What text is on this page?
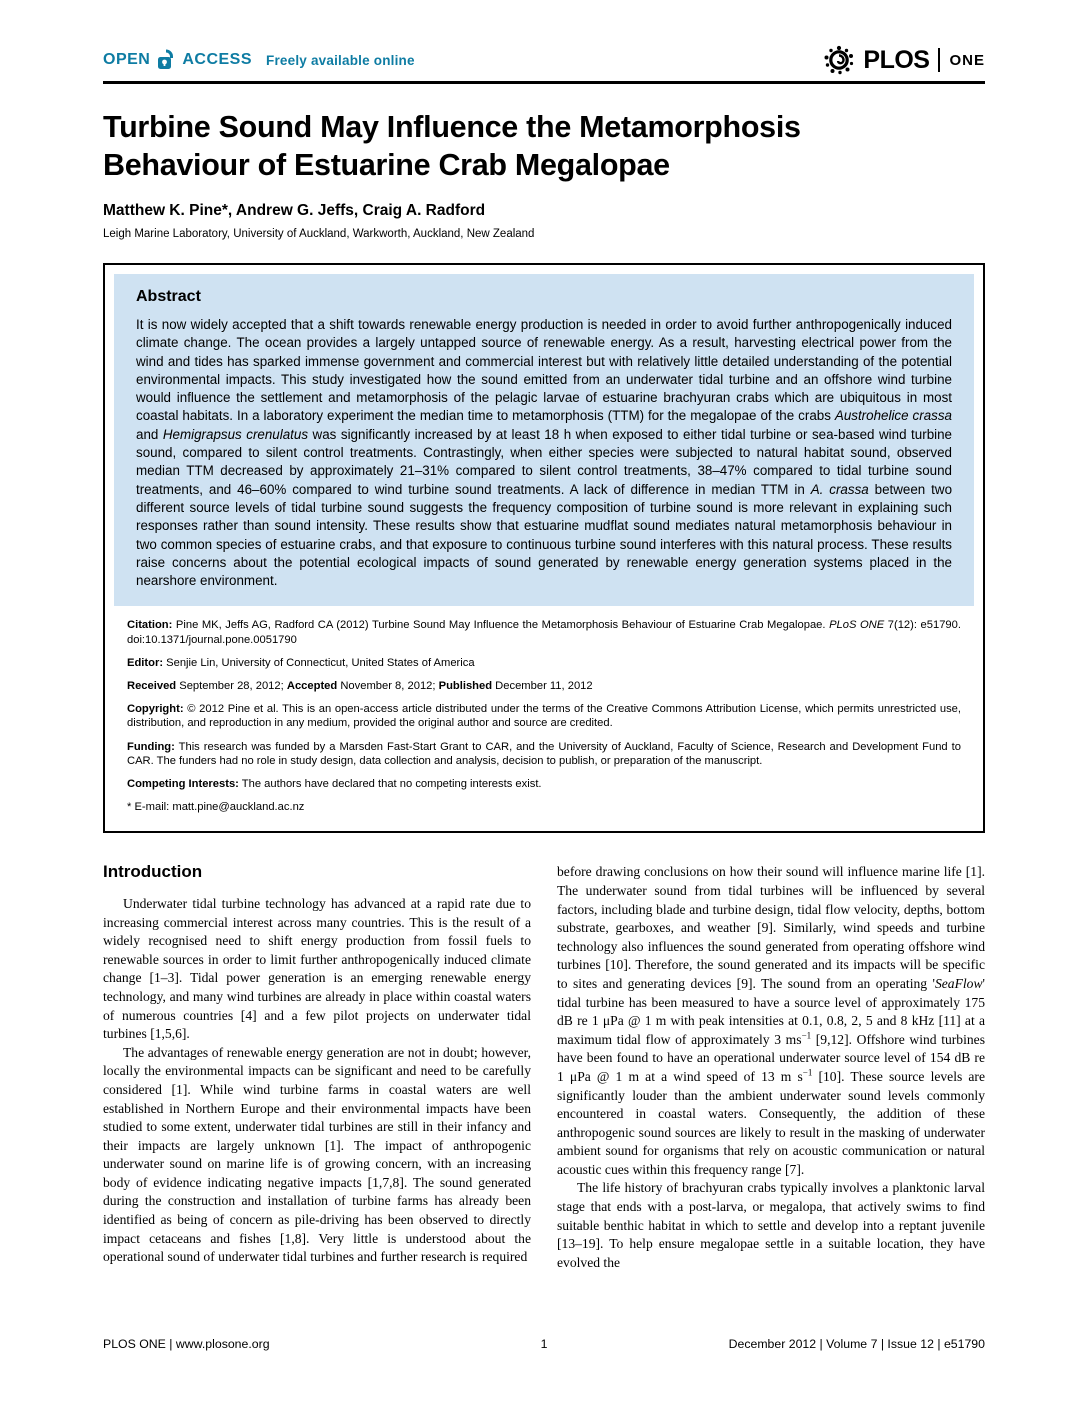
OPEN ACCESS Freely available online	PLOS ONE
Turbine Sound May Influence the Metamorphosis Behaviour of Estuarine Crab Megalopae
Matthew K. Pine*, Andrew G. Jeffs, Craig A. Radford
Leigh Marine Laboratory, University of Auckland, Warkworth, Auckland, New Zealand
Abstract

It is now widely accepted that a shift towards renewable energy production is needed in order to avoid further anthropogenically induced climate change. The ocean provides a largely untapped source of renewable energy. As a result, harvesting electrical power from the wind and tides has sparked immense government and commercial interest but with relatively little detailed understanding of the potential environmental impacts. This study investigated how the sound emitted from an underwater tidal turbine and an offshore wind turbine would influence the settlement and metamorphosis of the pelagic larvae of estuarine brachyuran crabs which are ubiquitous in most coastal habitats. In a laboratory experiment the median time to metamorphosis (TTM) for the megalopae of the crabs Austrohelice crassa and Hemigrapsus crenulatus was significantly increased by at least 18 h when exposed to either tidal turbine or sea-based wind turbine sound, compared to silent control treatments. Contrastingly, when either species were subjected to natural habitat sound, observed median TTM decreased by approximately 21–31% compared to silent control treatments, 38–47% compared to tidal turbine sound treatments, and 46–60% compared to wind turbine sound treatments. A lack of difference in median TTM in A. crassa between two different source levels of tidal turbine sound suggests the frequency composition of turbine sound is more relevant in explaining such responses rather than sound intensity. These results show that estuarine mudflat sound mediates natural metamorphosis behaviour in two common species of estuarine crabs, and that exposure to continuous turbine sound interferes with this natural process. These results raise concerns about the potential ecological impacts of sound generated by renewable energy generation systems placed in the nearshore environment.

Citation: Pine MK, Jeffs AG, Radford CA (2012) Turbine Sound May Influence the Metamorphosis Behaviour of Estuarine Crab Megalopae. PLoS ONE 7(12): e51790. doi:10.1371/journal.pone.0051790

Editor: Senjie Lin, University of Connecticut, United States of America

Received September 28, 2012; Accepted November 8, 2012; Published December 11, 2012

Copyright: © 2012 Pine et al. This is an open-access article distributed under the terms of the Creative Commons Attribution License, which permits unrestricted use, distribution, and reproduction in any medium, provided the original author and source are credited.

Funding: This research was funded by a Marsden Fast-Start Grant to CAR, and the University of Auckland, Faculty of Science, Research and Development Fund to CAR. The funders had no role in study design, data collection and analysis, decision to publish, or preparation of the manuscript.

Competing Interests: The authors have declared that no competing interests exist.

* E-mail: matt.pine@auckland.ac.nz

Introduction

Underwater tidal turbine technology has advanced at a rapid rate due to increasing commercial interest across many countries. This is the result of a widely recognised need to shift energy production from fossil fuels to renewable sources in order to limit further anthropogenically induced climate change [1–3]. Tidal power generation is an emerging renewable energy technology, and many wind turbines are already in place within coastal waters of numerous countries [4] and a few pilot projects on underwater tidal turbines [1,5,6].

The advantages of renewable energy generation are not in doubt; however, locally the environmental impacts can be significant and need to be carefully considered [1]. While wind turbine farms in coastal waters are well established in Northern Europe and their environmental impacts have been studied to some extent, underwater tidal turbines are still in their infancy and their impacts are largely unknown [1]. The impact of anthropogenic underwater sound on marine life is of growing concern, with an increasing body of evidence indicating negative impacts [1,7,8]. The sound generated during the construction and installation of turbine farms has already been identified as being of concern as pile-driving has been observed to directly impact cetaceans and fishes [1,8]. Very little is understood about the operational sound of underwater tidal turbines and further research is required

before drawing conclusions on how their sound will influence marine life [1]. The underwater sound from tidal turbines will be influenced by several factors, including blade and turbine design, tidal flow velocity, depths, bottom substrate, gearboxes, and weather [9]. Similarly, wind speeds and turbine technology also influences the sound generated from operating offshore wind turbines [10]. Therefore, the sound generated and its impacts will be specific to sites and generating devices [9]. The sound from an operating 'SeaFlow' tidal turbine has been measured to have a source level of approximately 175 dB re 1 μPa @ 1 m with peak intensities at 0.1, 0.8, 2, 5 and 8 kHz [11] at a maximum tidal flow of approximately 3 $ms^{-1}$ [9,12]. Offshore wind turbines have been found to have an operational underwater source level of 154 dB re 1 μPa @ 1 m at a wind speed of 13 m $s^{-1}$ [10]. These source levels are significantly louder than the ambient underwater sound levels commonly encountered in coastal waters. Consequently, the addition of these anthropogenic sound sources are likely to result in the masking of underwater ambient sound for organisms that rely on acoustic communication or natural acoustic cues within this frequency range [7].

The life history of brachyuran crabs typically involves a planktonic larval stage that ends with a post-larva, or megalopa, that actively swims to find suitable benthic habitat in which to settle and develop into a reptant juvenile [13–19]. To help ensure megalopae settle in a suitable location, they have evolved the

PLOS ONE | www.plosone.org	1	December 2012 | Volume 7 | Issue 12 | e51790
